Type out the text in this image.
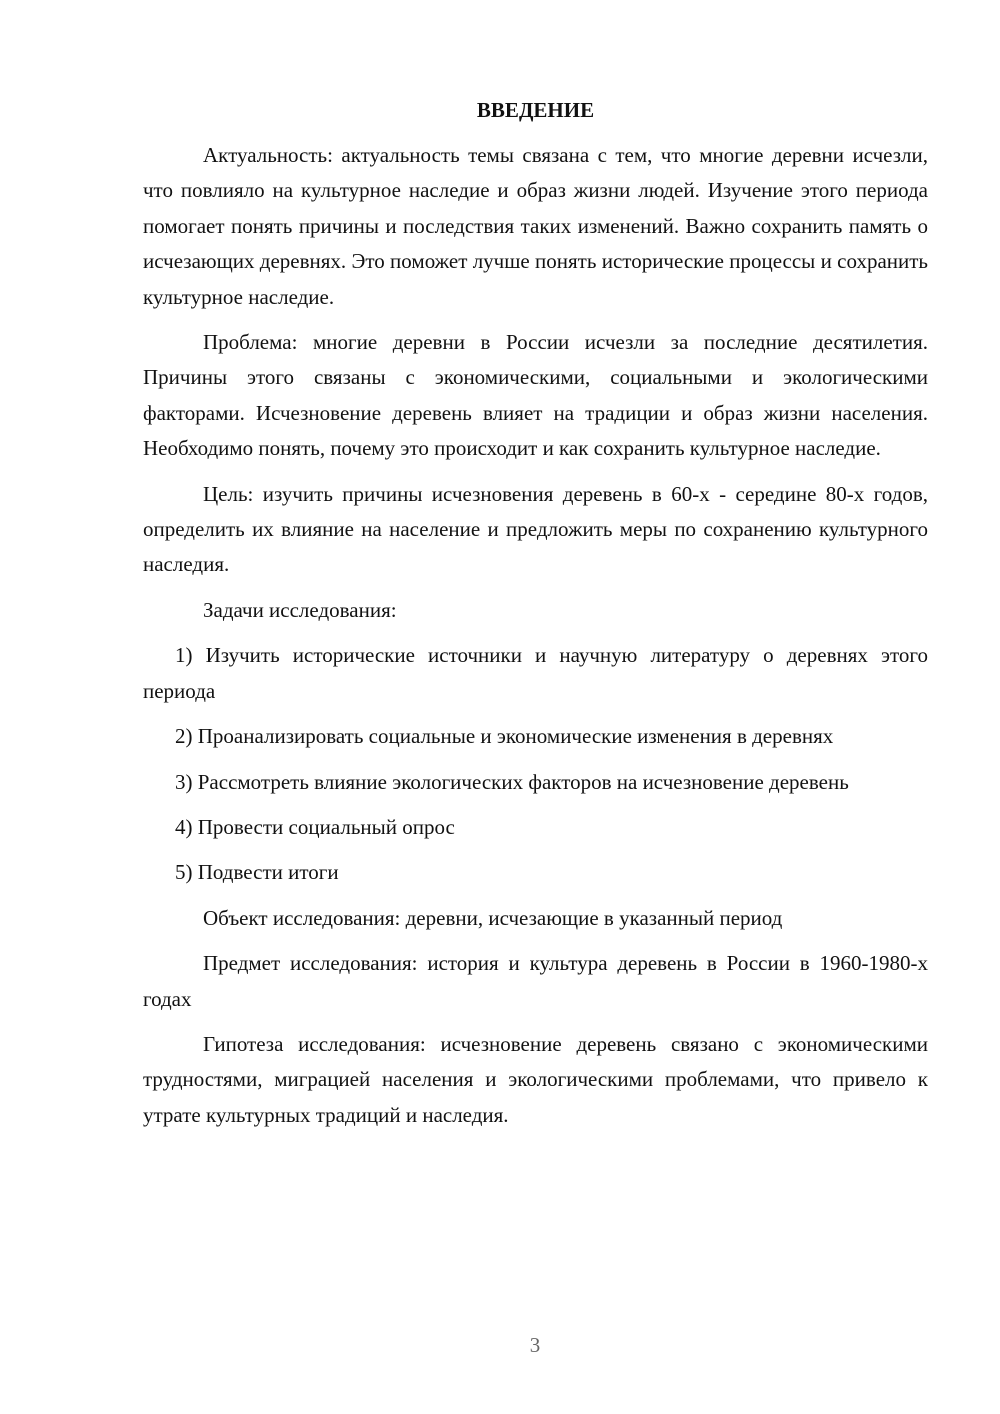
ВВЕДЕНИЕ

Актуальность: актуальность темы связана с тем, что многие деревни исчезли, что повлияло на культурное наследие и образ жизни людей. Изучение этого периода помогает понять причины и последствия таких изменений. Важно сохранить память о исчезающих деревнях. Это поможет лучше понять исторические процессы и сохранить культурное наследие.

Проблема: многие деревни в России исчезли за последние десятилетия. Причины этого связаны с экономическими, социальными и экологическими факторами. Исчезновение деревень влияет на традиции и образ жизни населения. Необходимо понять, почему это происходит и как сохранить культурное наследие.

Цель: изучить причины исчезновения деревень в 60-х - середине 80-х годов, определить их влияние на население и предложить меры по сохранению культурного наследия.

Задачи исследования:

1) Изучить исторические источники и научную литературу о деревнях этого периода

2) Проанализировать социальные и экономические изменения в деревнях

3) Рассмотреть влияние экологических факторов на исчезновение деревень

4) Провести социальный опрос

5) Подвести итоги

Объект исследования: деревни, исчезающие в указанный период

Предмет исследования: история и культура деревень в России в 1960-1980-х годах

Гипотеза исследования: исчезновение деревень связано с экономическими трудностями, миграцией населения и экологическими проблемами, что привело к утрате культурных традиций и наследия.

3
